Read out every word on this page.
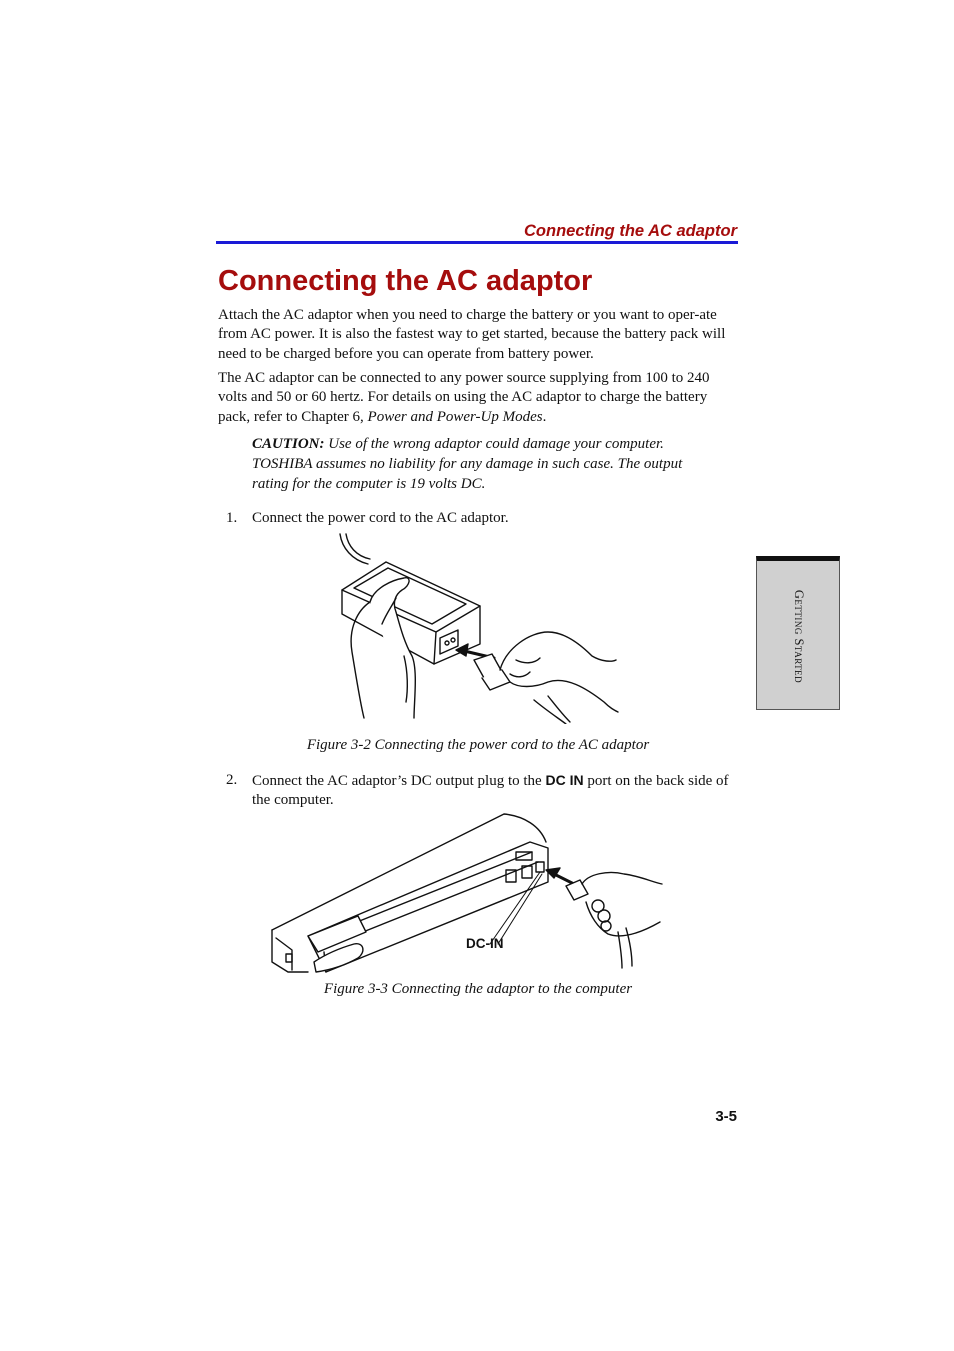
Connecting the AC adaptor
Connecting the AC adaptor

Attach the AC adaptor when you need to charge the battery or you want to oper-ate from AC power. It is also the fastest way to get started, because the battery pack will need to be charged before you can operate from battery power.

The AC adaptor can be connected to any power source supplying from 100 to 240 volts and 50 or 60 hertz. For details on using the AC adaptor to charge the battery pack, refer to Chapter 6, Power and Power-Up Modes.

CAUTION: Use of the wrong adaptor could damage your computer. TOSHIBA assumes no liability for any damage in such case. The output rating for the computer is 19 volts DC.

1. Connect the power cord to the AC adaptor.
Figure 3-2 Connecting the power cord to the AC adaptor
2. Connect the AC adaptor’s DC output plug to the DC IN port on the back side of the computer.
DC-IN
Figure 3-3 Connecting the adaptor to the computer
Getting Started
3-5
